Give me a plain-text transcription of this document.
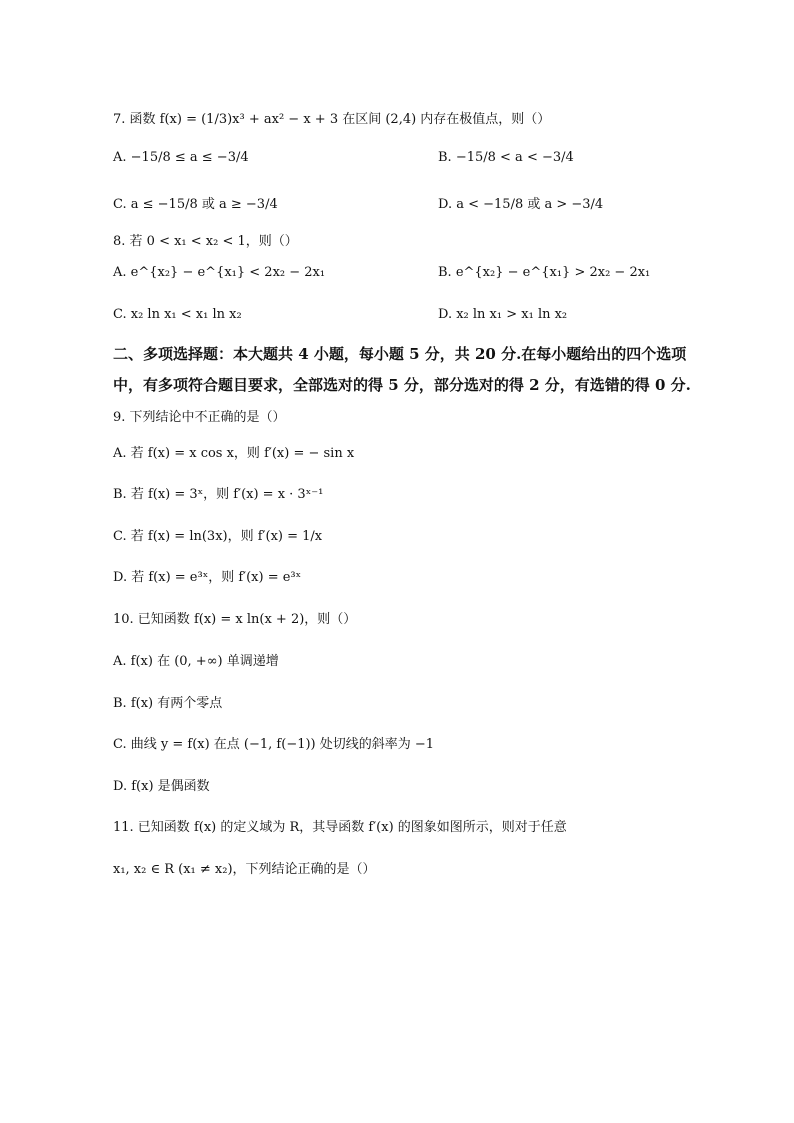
7. 函数 f(x) = (1/3)x³ + ax² − x + 3 在区间 (2,4) 内存在极值点，则（）
A. −15/8 ≤ a ≤ −3/4	B. −15/8 < a < −3/4
C. a ≤ −15/8 或 a ≥ −3/4	D. a < −15/8 或 a > −3/4
8. 若 0 < x₁ < x₂ < 1，则（）
A. e^{x₂} − e^{x₁} < 2x₂ − 2x₁	B. e^{x₂} − e^{x₁} > 2x₂ − 2x₁
C. x₂ ln x₁ < x₁ ln x₂	D. x₂ ln x₁ > x₁ ln x₂
二、多项选择题：本大题共 4 小题，每小题 5 分，共 20 分.在每小题给出的四个选项
中，有多项符合题目要求，全部选对的得 5 分，部分选对的得 2 分，有选错的得 0 分.
9. 下列结论中不正确的是（）
A. 若 f(x) = x cos x，则 f′(x) = − sin x
B. 若 f(x) = 3ˣ，则 f′(x) = x · 3ˣ⁻¹
C. 若 f(x) = ln(3x)，则 f′(x) = 1/x
D. 若 f(x) = e³ˣ，则 f′(x) = e³ˣ
10. 已知函数 f(x) = x ln(x + 2)，则（）
A. f(x) 在 (0, +∞) 单调递增
B. f(x) 有两个零点
C. 曲线 y = f(x) 在点 (−1, f(−1)) 处切线的斜率为 −1
D. f(x) 是偶函数
11. 已知函数 f(x) 的定义域为 R，其导函数 f′(x) 的图象如图所示，则对于任意
x₁, x₂ ∈ R (x₁ ≠ x₂)，下列结论正确的是（）
